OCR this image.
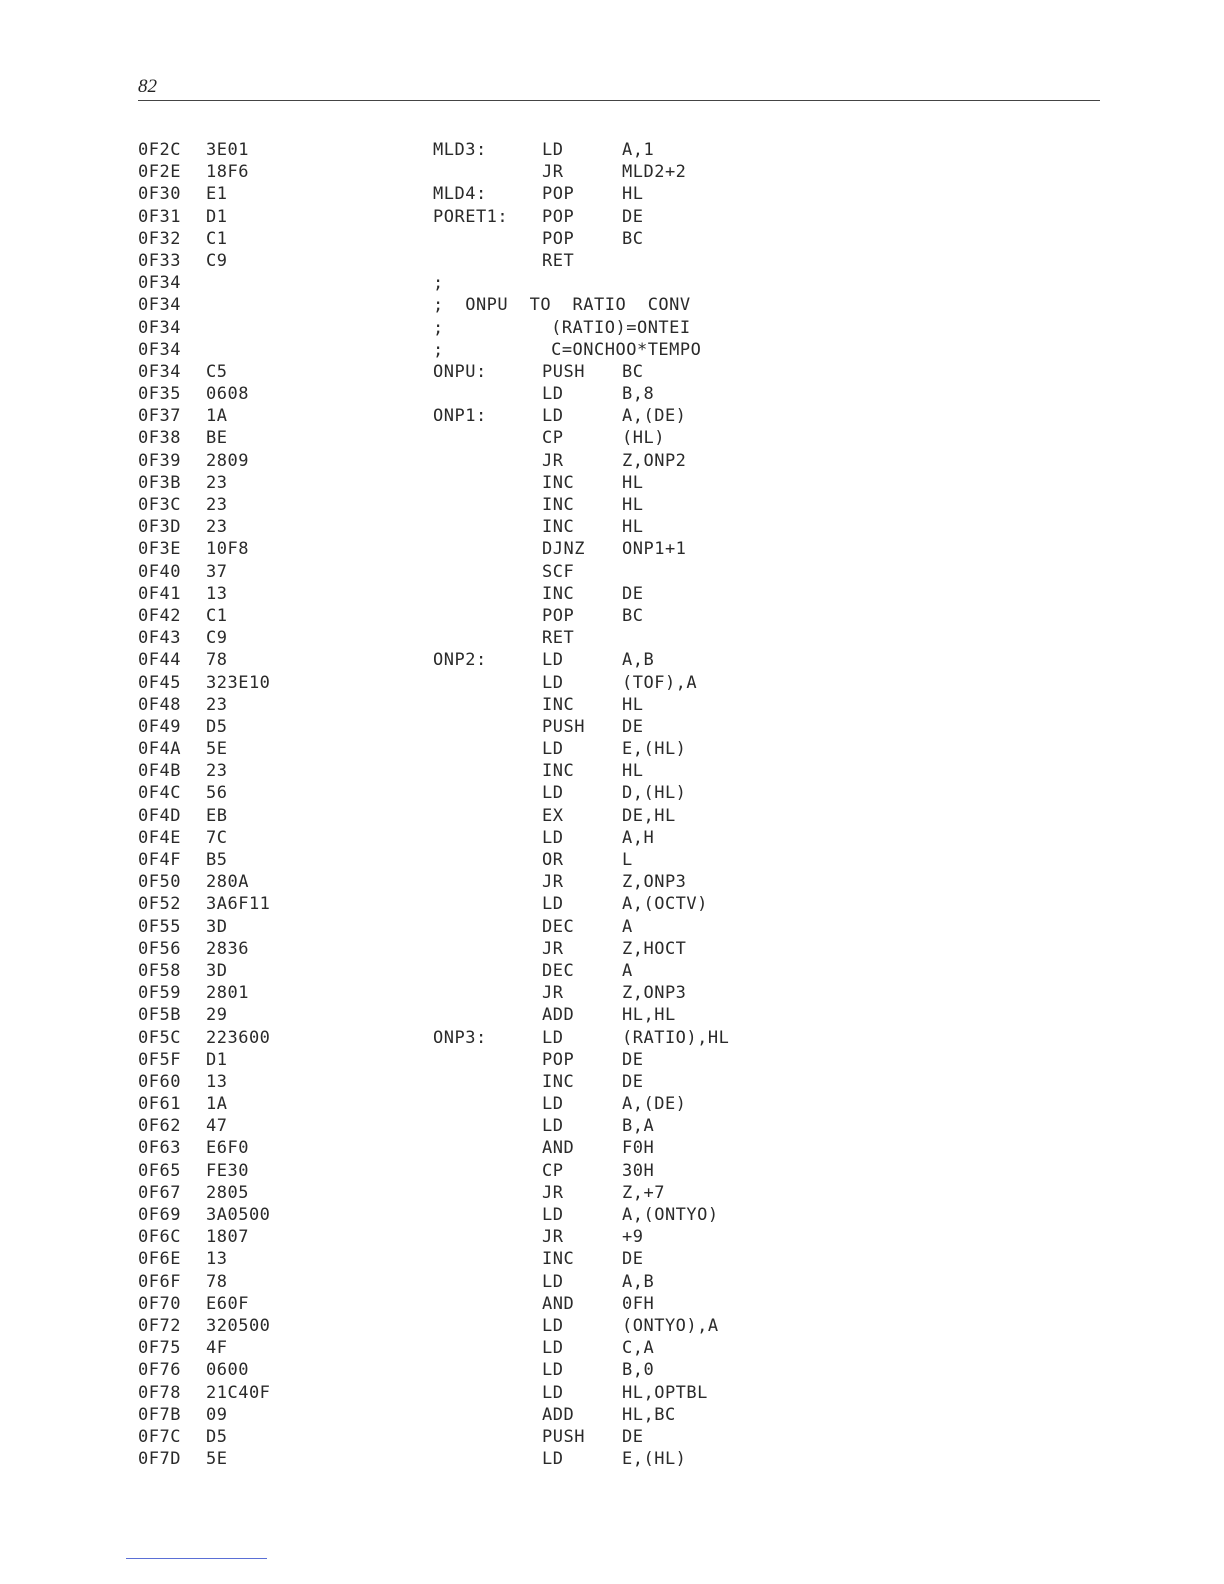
82
0F2C 3E01	MLD3:	LD	A,1
0F2E 18F6	JR	MLD2+2
0F30 E1	MLD4:	POP	HL
0F31 D1	PORET1: POP	DE
0F32 C1	POP	BC
0F33 C9	RET
0F34	;
0F34	;  ONPU  TO  RATIO  CONV
0F34	;          (RATIO)=ONTEI
0F34	;          C=ONCHOO*TEMPO
0F34 C5	ONPU:	PUSH BC
0F35 0608	LD	B,8
0F37 1A	ONP1:	LD	A,(DE)
0F38 BE	CP	(HL)
0F39 2809	JR	Z,ONP2
0F3B 23	INC	HL
0F3C 23	INC	HL
0F3D 23	INC	HL
0F3E 10F8	DJNZ ONP1+1
0F40 37	SCF
0F41 13	INC	DE
0F42 C1	POP	BC
0F43 C9	RET
0F44 78	ONP2:	LD	A,B
0F45 323E10	LD	(TOF),A
0F48 23	INC	HL
0F49 D5	PUSH DE
0F4A 5E	LD	E,(HL)
0F4B 23	INC	HL
0F4C 56	LD	D,(HL)
0F4D EB	EX	DE,HL
0F4E 7C	LD	A,H
0F4F B5	OR	L
0F50 280A	JR	Z,ONP3
0F52 3A6F11	LD	A,(OCTV)
0F55 3D	DEC	A
0F56 2836	JR	Z,HOCT
0F58 3D	DEC	A
0F59 2801	JR	Z,ONP3
0F5B 29	ADD	HL,HL
0F5C 223600	ONP3:	LD	(RATIO),HL
0F5F D1	POP	DE
0F60 13	INC	DE
0F61 1A	LD	A,(DE)
0F62 47	LD	B,A
0F63 E6F0	AND	F0H
0F65 FE30	CP	30H
0F67 2805	JR	Z,+7
0F69 3A0500	LD	A,(ONTYO)
0F6C 1807	JR	+9
0F6E 13	INC	DE
0F6F 78	LD	A,B
0F70 E60F	AND	0FH
0F72 320500	LD	(ONTYO),A
0F75 4F	LD	C,A
0F76 0600	LD	B,0
0F78 21C40F	LD	HL,OPTBL
0F7B 09	ADD	HL,BC
0F7C D5	PUSH DE
0F7D 5E	LD	E,(HL)
